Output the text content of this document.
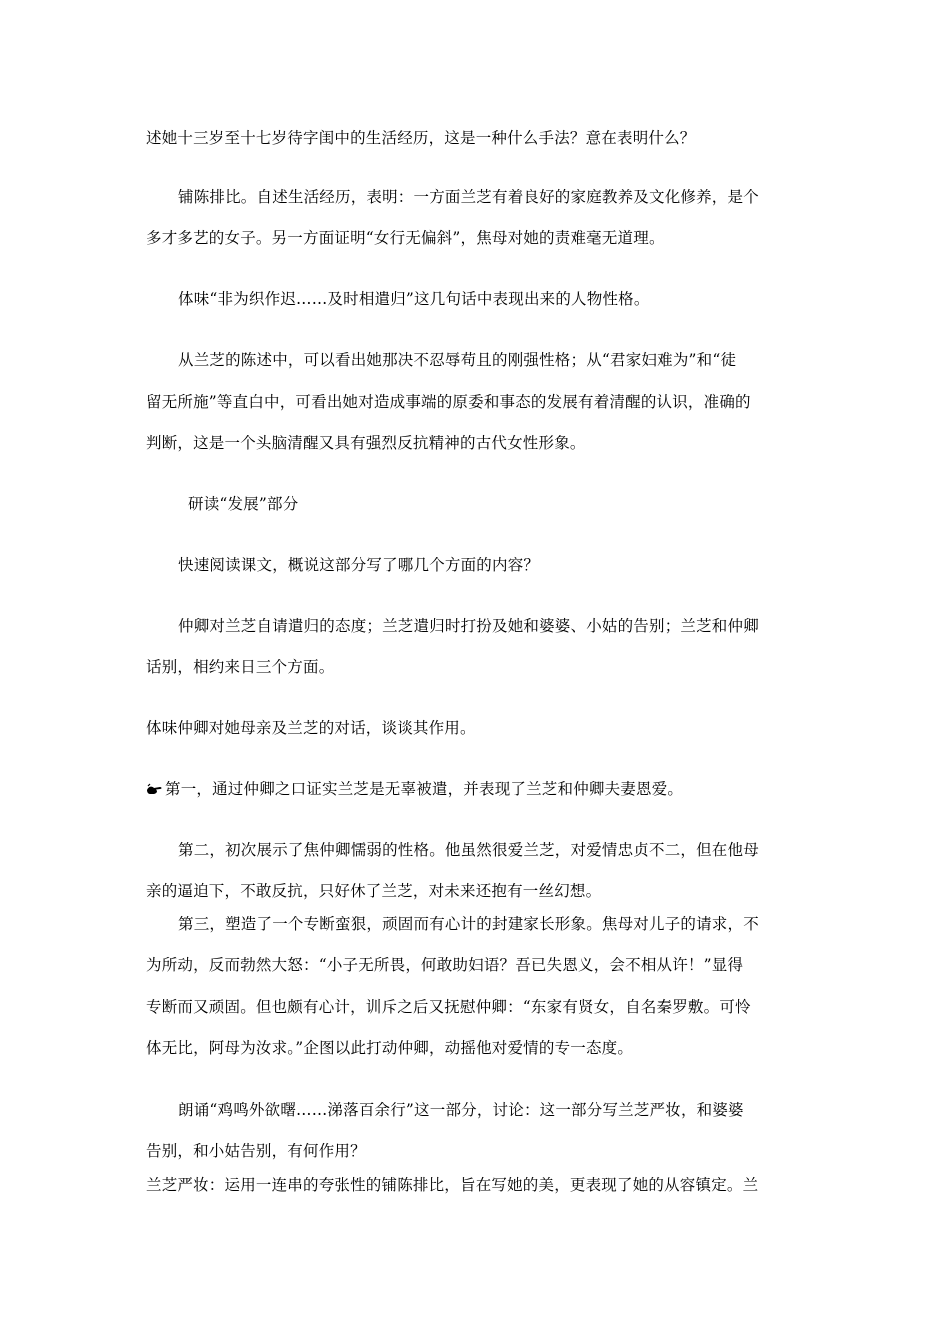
述她十三岁至十七岁待字闺中的生活经历，这是一种什么手法？意在表明什么？
铺陈排比。自述生活经历，表明：一方面兰芝有着良好的家庭教养及文化修养，是个
多才多艺的女子。另一方面证明“女行无偏斜”，焦母对她的责难毫无道理。
体味“非为织作迟……及时相遣归”这几句话中表现出来的人物性格。
从兰芝的陈述中，可以看出她那决不忍辱苟且的刚强性格；从“君家妇难为”和“徒
留无所施”等直白中，可看出她对造成事端的原委和事态的发展有着清醒的认识，准确的
判断，这是一个头脑清醒又具有强烈反抗精神的古代女性形象。
研读“发展”部分
快速阅读课文，概说这部分写了哪几个方面的内容？
仲卿对兰芝自请遣归的态度；兰芝遣归时打扮及她和婆婆、小姑的告别；兰芝和仲卿
话别，相约来日三个方面。
体味仲卿对她母亲及兰芝的对话，谈谈其作用。
第一，通过仲卿之口证实兰芝是无辜被遣，并表现了兰芝和仲卿夫妻恩爱。
第二，初次展示了焦仲卿懦弱的性格。他虽然很爱兰芝，对爱情忠贞不二，但在他母
亲的逼迫下，不敢反抗，只好休了兰芝，对未来还抱有一丝幻想。
第三，塑造了一个专断蛮狠，顽固而有心计的封建家长形象。焦母对儿子的请求，不
为所动，反而勃然大怒：“小子无所畏，何敢助妇语？吾已失恩义，会不相从许！”显得
专断而又顽固。但也颇有心计，训斥之后又抚慰仲卿：“东家有贤女，自名秦罗敷。可怜
体无比，阿母为汝求。”企图以此打动仲卿，动摇他对爱情的专一态度。
朗诵“鸡鸣外欲曙……涕落百余行”这一部分，讨论：这一部分写兰芝严妆，和婆婆
告别，和小姑告别，有何作用？
兰芝严妆：运用一连串的夸张性的铺陈排比，旨在写她的美，更表现了她的从容镇定。兰
